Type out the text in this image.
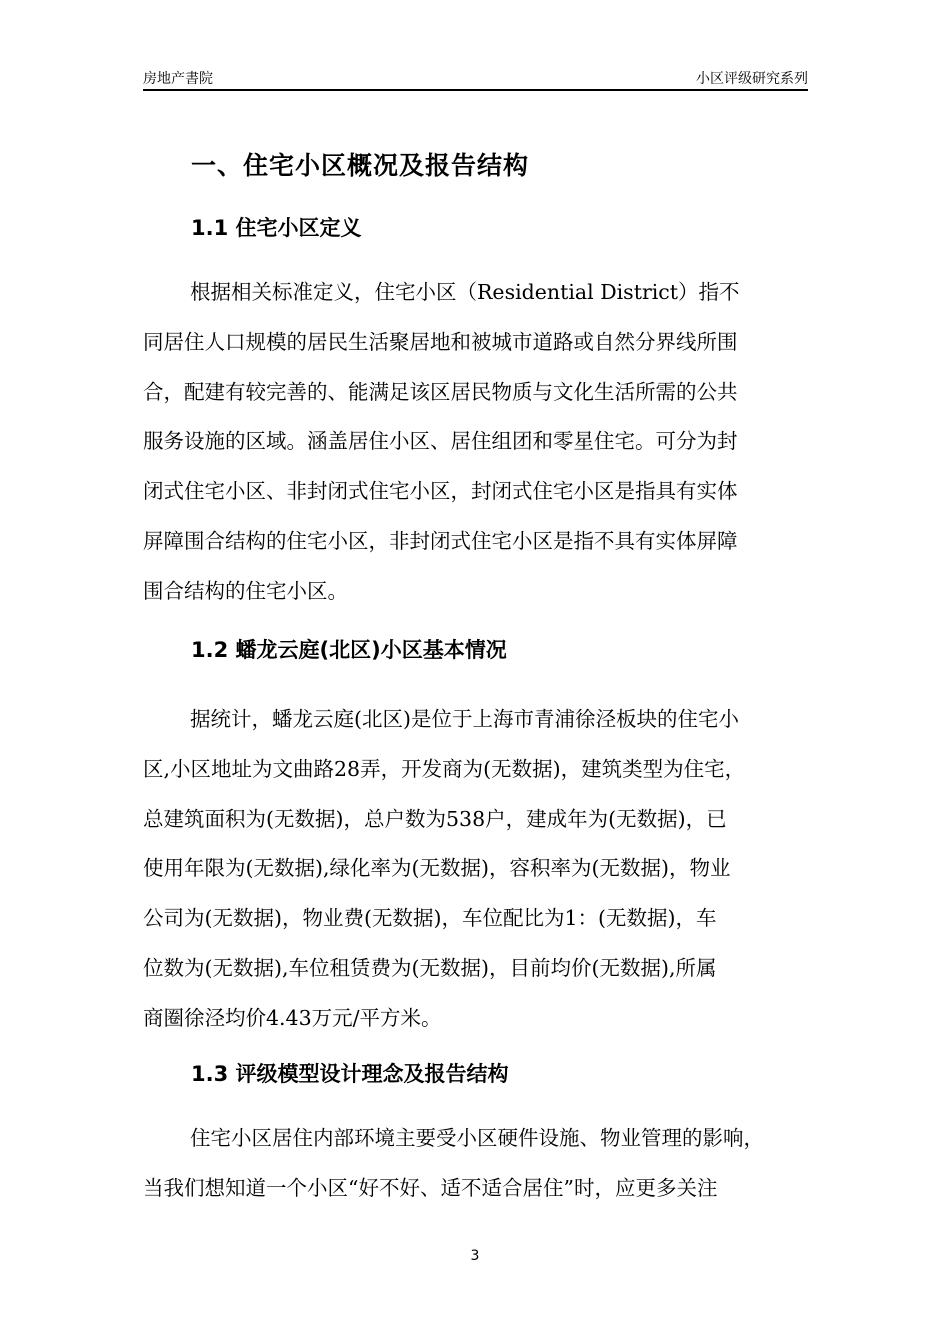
房地产書院	小区评级研究系列
一、住宅小区概况及报告结构
1.1 住宅小区定义
根据相关标准定义，住宅小区（Residential District）指不
同居住人口规模的居民生活聚居地和被城市道路或自然分界线所围
合，配建有较完善的、能满足该区居民物质与文化生活所需的公共
服务设施的区域。涵盖居住小区、居住组团和零星住宅。可分为封
闭式住宅小区、非封闭式住宅小区，封闭式住宅小区是指具有实体
屏障围合结构的住宅小区，非封闭式住宅小区是指不具有实体屏障
围合结构的住宅小区。
1.2 蟠龙云庭(北区)小区基本情况
据统计，蟠龙云庭(北区)是位于上海市青浦徐泾板块的住宅小
区,小区地址为文曲路28弄，开发商为(无数据)，建筑类型为住宅，
总建筑面积为(无数据)，总户数为538户，建成年为(无数据)，已
使用年限为(无数据),绿化率为(无数据)，容积率为(无数据)，物业
公司为(无数据)，物业费(无数据)，车位配比为1：(无数据)，车
位数为(无数据),车位租赁费为(无数据)，目前均价(无数据),所属
商圈徐泾均价4.43万元/平方米。
1.3 评级模型设计理念及报告结构
住宅小区居住内部环境主要受小区硬件设施、物业管理的影响，
当我们想知道一个小区“好不好、适不适合居住”时，应更多关注
3
